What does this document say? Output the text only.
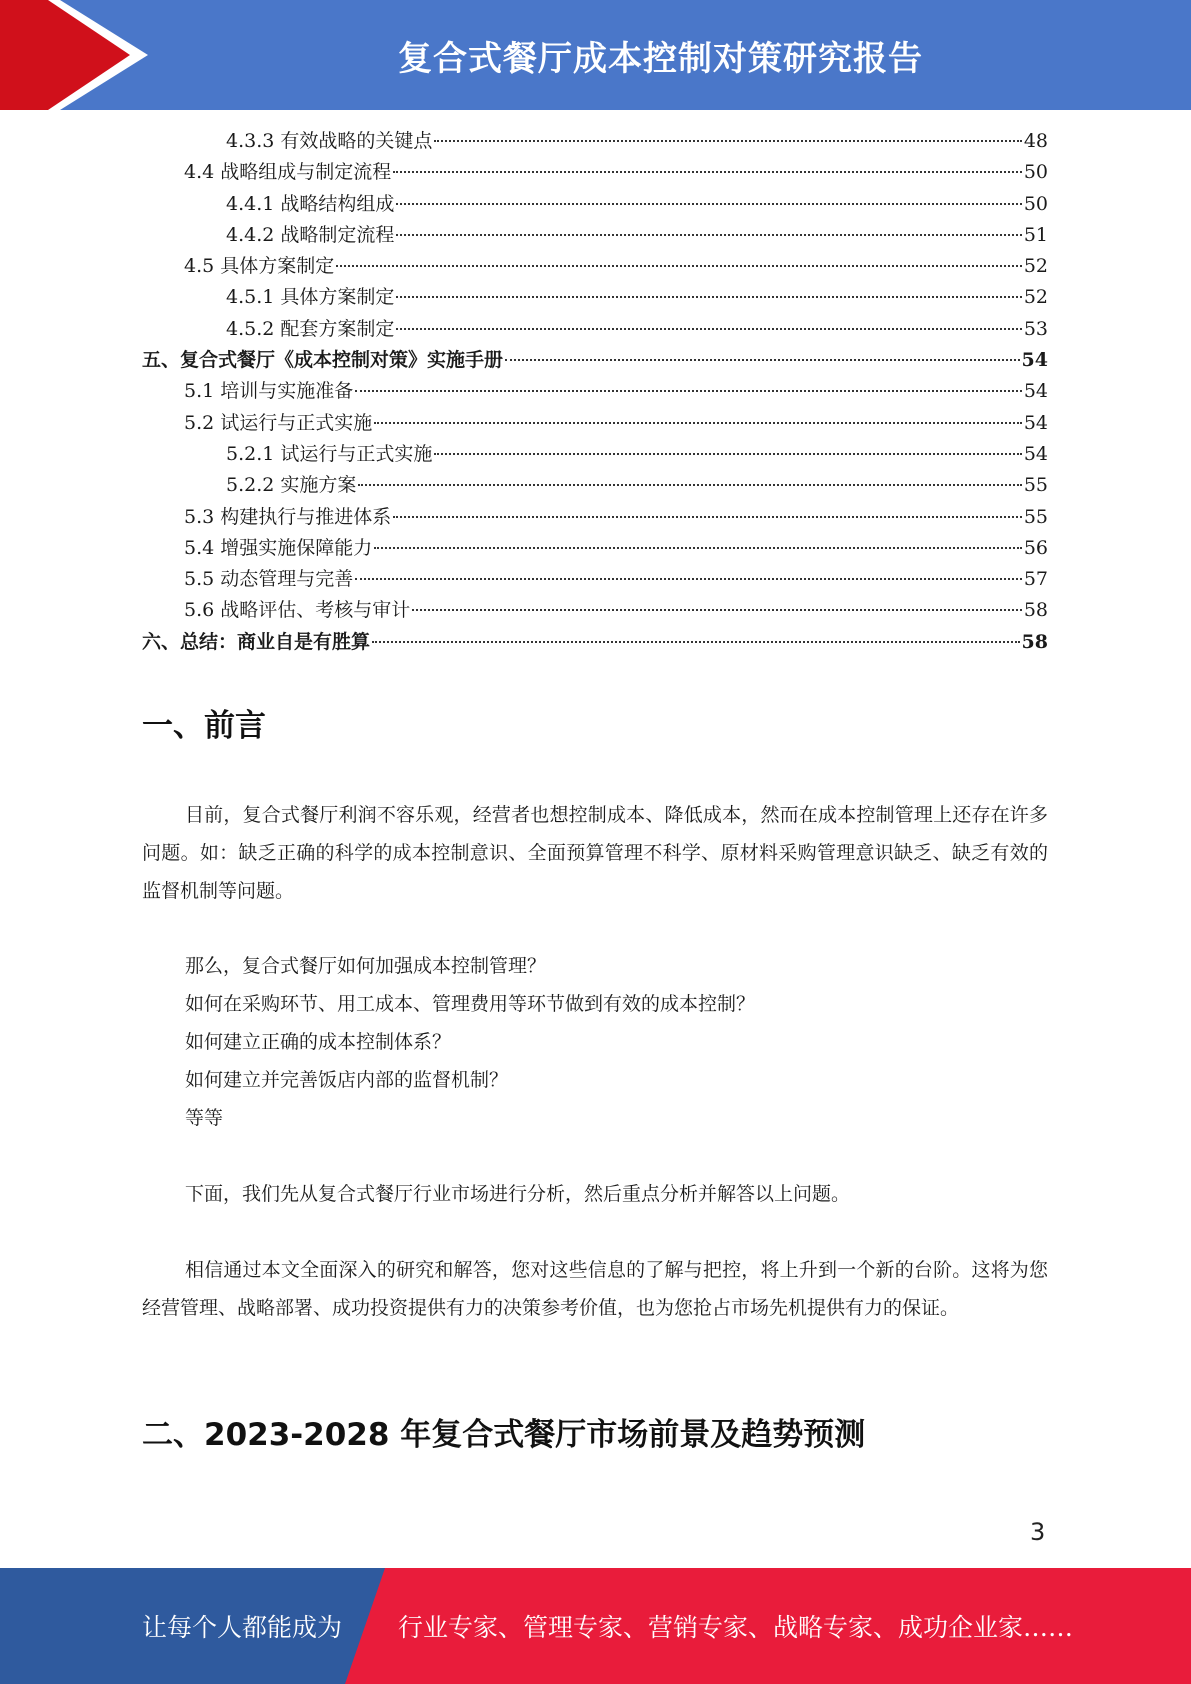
复合式餐厅成本控制对策研究报告
4.3.3 有效战略的关键点	48
4.4 战略组成与制定流程	50
4.4.1 战略结构组成	50
4.4.2 战略制定流程	51
4.5 具体方案制定	52
4.5.1 具体方案制定	52
4.5.2 配套方案制定	53
五、复合式餐厅《成本控制对策》实施手册	54
5.1 培训与实施准备	54
5.2 试运行与正式实施	54
5.2.1 试运行与正式实施	54
5.2.2 实施方案	55
5.3 构建执行与推进体系	55
5.4 增强实施保障能力	56
5.5 动态管理与完善	57
5.6 战略评估、考核与审计	58
六、总结：商业自是有胜算	58
一、前言
目前，复合式餐厅利润不容乐观，经营者也想控制成本、降低成本，然而在成本控制管理上还存在许多问题。如：缺乏正确的科学的成本控制意识、全面预算管理不科学、原材料采购管理意识缺乏、缺乏有效的监督机制等问题。
那么，复合式餐厅如何加强成本控制管理？
如何在采购环节、用工成本、管理费用等环节做到有效的成本控制？
如何建立正确的成本控制体系？
如何建立并完善饭店内部的监督机制？
等等
下面，我们先从复合式餐厅行业市场进行分析，然后重点分析并解答以上问题。
相信通过本文全面深入的研究和解答，您对这些信息的了解与把控，将上升到一个新的台阶。这将为您经营管理、战略部署、成功投资提供有力的决策参考价值，也为您抢占市场先机提供有力的保证。
二、2023-2028 年复合式餐厅市场前景及趋势预测
3
让每个人都能成为 行业专家、管理专家、营销专家、战略专家、成功企业家……
